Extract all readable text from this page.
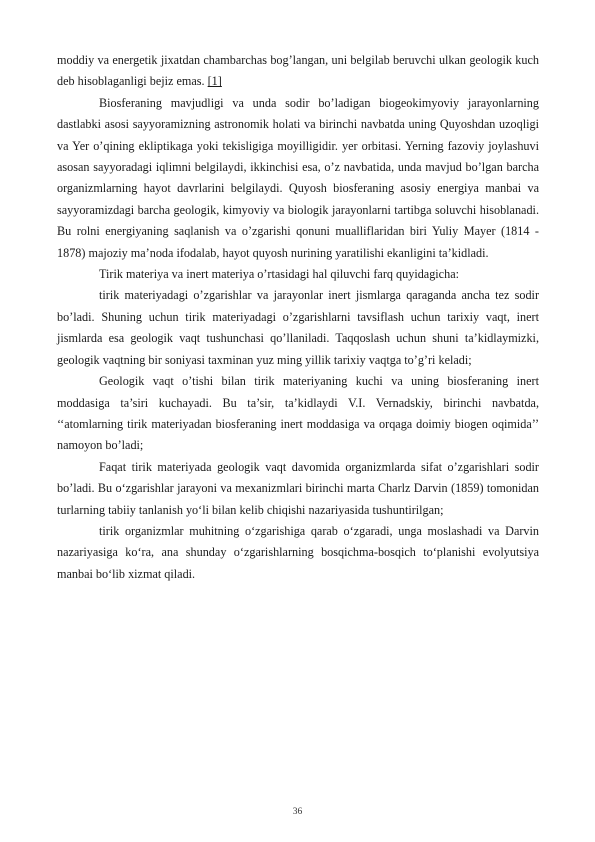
moddiy va energetik jixatdan chambarchas bog’langan, uni belgilab beruvchi ulkan geologik kuch deb hisoblaganligi bejiz emas. [1]

Biosferaning mavjudligi va unda sodir bo’ladigan biogeokimyoviy jarayonlarning dastlabki asosi sayyoramizning astronomik holati va birinchi navbatda uning Quyoshdan uzoqligi va Yer o’qining ekliptikaga yoki tekisligiga moyilligidir. yer orbitasi. Yerning fazoviy joylashuvi asosan sayyoradagi iqlimni belgilaydi, ikkinchisi esa, o’z navbatida, unda mavjud bo’lgan barcha organizmlarning hayot davrlarini belgilaydi. Quyosh biosferaning asosiy energiya manbai va sayyoramizdagi barcha geologik, kimyoviy va biologik jarayonlarni tartibga soluvchi hisoblanadi. Bu rolni energiyaning saqlanish va o’zgarishi qonuni mualliflaridan biri Yuliy Mayer (1814 - 1878) majoziy ma’noda ifodalab, hayot quyosh nurining yaratilishi ekanligini ta’kidladi.

Tirik materiya va inert materiya o’rtasidagi hal qiluvchi farq quyidagicha:

tirik materiyadagi o’zgarishlar va jarayonlar inert jismlarga qaraganda ancha tez sodir bo’ladi. Shuning uchun tirik materiyadagi o’zgarishlarni tavsiflash uchun tarixiy vaqt, inert jismlarda esa geologik vaqt tushunchasi qo’llaniladi. Taqqoslash uchun shuni ta’kidlaymizki, geologik vaqtning bir soniyasi taxminan yuz ming yillik tarixiy vaqtga to’g’ri keladi;

Geologik vaqt o’tishi bilan tirik materiyaning kuchi va uning biosferaning inert moddasiga ta’siri kuchayadi. Bu ta’sir, ta’kidlaydi V.I. Vernadskiy, birinchi navbatda, ‘‘atomlarning tirik materiyadan biosferaning inert moddasiga va orqaga doimiy biogen oqimida’’ namoyon bo’ladi;

Faqat tirik materiyada geologik vaqt davomida organizmlarda sifat o’zgarishlari sodir bo’ladi. Bu o‘zgarishlar jarayoni va mexanizmlari birinchi marta Charlz Darvin (1859) tomonidan turlarning tabiiy tanlanish yo‘li bilan kelib chiqishi nazariyasida tushuntirilgan;

tirik organizmlar muhitning o‘zgarishiga qarab o‘zgaradi, unga moslashadi va Darvin nazariyasiga ko‘ra, ana shunday o‘zgarishlarning bosqichma-bosqich to‘planishi evolyutsiya manbai bo‘lib xizmat qiladi.

36
